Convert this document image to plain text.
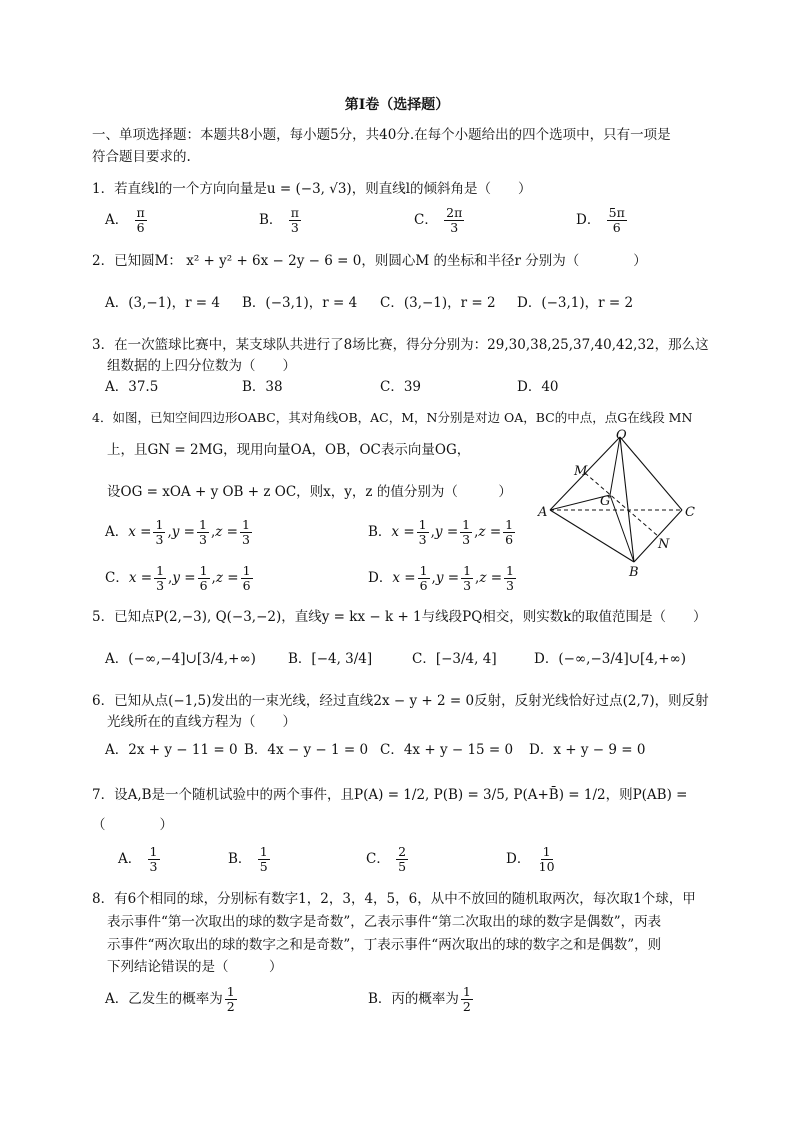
第Ⅰ卷（选择题）
一、单项选择题：本题共8小题，每小题5分，共40分.在每个小题给出的四个选项中，只有一项是
符合题目要求的.
1．若直线l的一个方向向量是u = (−3, √3)，则直线l的倾斜角是（　　）
A． $\frac{\pi}{6}$	B． $\frac{\pi}{3}$	C． $\frac{2\pi}{3}$	D． $\frac{5\pi}{6}$
2．已知圆M： x² + y² + 6x − 2y − 6 = 0，则圆心M 的坐标和半径r 分别为（　　　　）
A．(3,−1)，r = 4 B．(−3,1)，r = 4 C．(3,−1)，r = 2 D．(−3,1)，r = 2
3．在一次篮球比赛中，某支球队共进行了8场比赛，得分分别为：29,30,38,25,37,40,42,32，那么这
组数据的上四分位数为（　　）
A．37.5	B．38	C．39	D．40
4．如图，已知空间四边形OABC，其对角线OB，AC，M，N分别是对边 OA，BC的中点，点G在线段 MN
上，且GN = 2MG，现用向量OA，OB，OC表示向量OG，
设OG = xOA + y OB + z OC，则x，y，z 的值分别为（　　　）
A．$x = \frac{1}{3} ,y = \frac{1}{3} ,z = \frac{1}{3}$	B．$x = \frac{1}{3} ,y = \frac{1}{3} ,z = \frac{1}{6}$
C．$x = \frac{1}{3} ,y = \frac{1}{6} ,z = \frac{1}{6}$	D．$x = \frac{1}{6} ,y = \frac{1}{3} ,z = \frac{1}{3}$
O
M
G
A	C
N
B
5．已知点P(2,−3), Q(−3,−2)，直线y = kx − k + 1与线段PQ相交，则实数k的取值范围是（　　）
A．(−∞,−4]∪[3/4,+∞) B．[−4, 3/4]	C．[−3/4, 4]	D．(−∞,−3/4]∪[4,+∞)
6．已知从点(−1,5)发出的一束光线，经过直线2x − y + 2 = 0反射，反射光线恰好过点(2,7)，则反射
光线所在的直线方程为（　　）
A．2x + y − 11 = 0 B．4x − y − 1 = 0 C．4x + y − 15 = 0 D．x + y − 9 = 0
7．设A,B是一个随机试验中的两个事件，且P(A) = 1/2, P(B) = 3/5, P(A+B̄) = 1/2，则P(AB) =
（　　　　）
A． $\frac{1}{3}$	B． $\frac{1}{5}$	C． $\frac{2}{5}$	D． $\frac{1}{10}$
8．有6个相同的球，分别标有数字1，2，3，4，5，6，从中不放回的随机取两次，每次取1个球，甲
表示事件“第一次取出的球的数字是奇数”，乙表示事件“第二次取出的球的数字是偶数”，丙表
示事件“两次取出的球的数字之和是奇数”，丁表示事件“两次取出的球的数字之和是偶数”，则
下列结论错误的是（　　　）
A．乙发生的概率为 $\frac{1}{2}$	B．丙的概率为 $\frac{1}{2}$
